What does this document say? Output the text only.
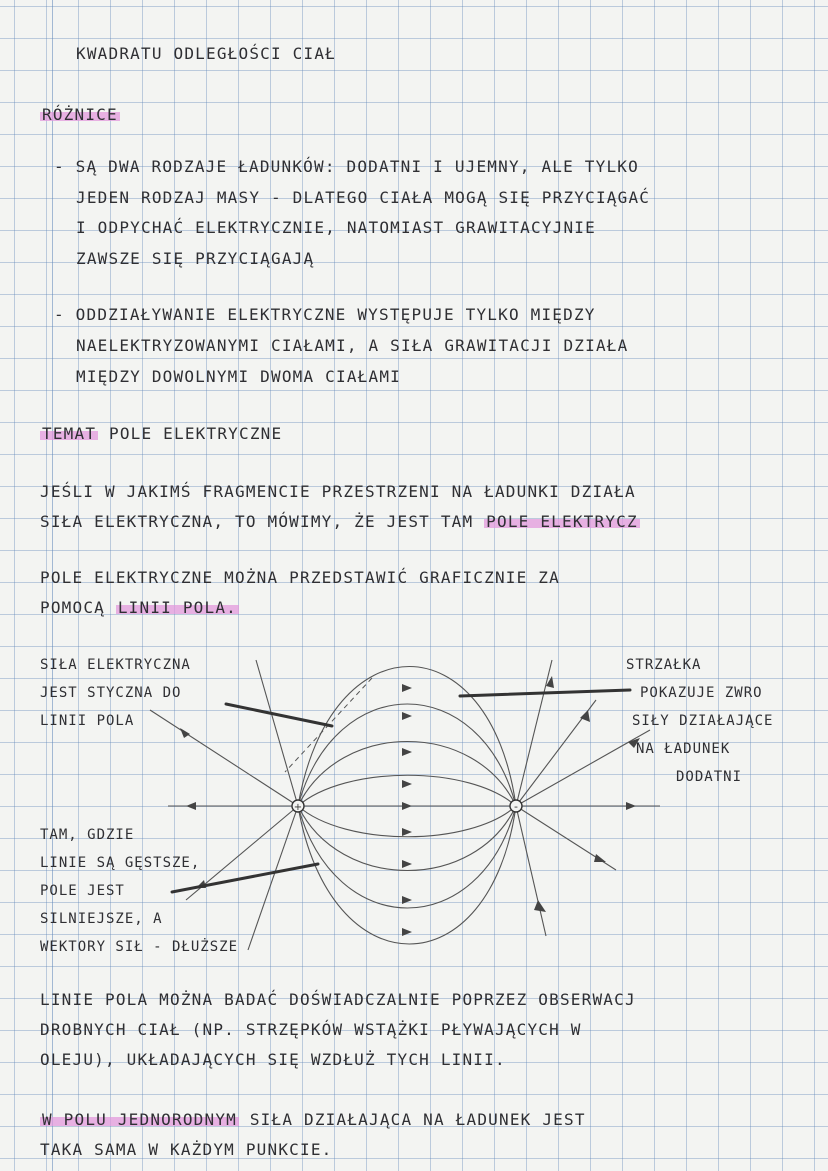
KWADRATU ODLEGŁOŚCI CIAŁ
RÓŻNICE
- SĄ DWA RODZAJE ŁADUNKÓW: DODATNI I UJEMNY, ALE TYLKO
JEDEN RODZAJ MASY - DLATEGO CIAŁA MOGĄ SIĘ PRZYCIĄGAĆ
I ODPYCHAĆ ELEKTRYCZNIE, NATOMIAST GRAWITACYJNIE
ZAWSZE SIĘ PRZYCIĄGAJĄ
- ODDZIAŁYWANIE ELEKTRYCZNE WYSTĘPUJE TYLKO MIĘDZY
NAELEKTRYZOWANYMI CIAŁAMI, A SIŁA GRAWITACJI DZIAŁA
MIĘDZY DOWOLNYMI DWOMA CIAŁAMI
TEMAT POLE ELEKTRYCZNE
JEŚLI W JAKIMŚ FRAGMENCIE PRZESTRZENI NA ŁADUNKI DZIAŁA
SIŁA ELEKTRYCZNA, TO MÓWIMY, ŻE JEST TAM POLE ELEKTRYCZ
POLE ELEKTRYCZNE MOŻNA PRZEDSTAWIĆ GRAFICZNIE ZA
POMOCĄ LINII POLA.
SIŁA ELEKTRYCZNA
JEST STYCZNA DO
LINII POLA
STRZAŁKA
POKAZUJE ZWRO
SIŁY DZIAŁAJĄCE
NA ŁADUNEK
DODATNI
TAM, GDZIE
LINIE SĄ GĘSTSZE,
POLE JEST
SILNIEJSZE, A
WEKTORY SIŁ - DŁUŻSZE
+	-
LINIE POLA MOŻNA BADAĆ DOŚWIADCZALNIE POPRZEZ OBSERWACJ
DROBNYCH CIAŁ (NP. STRZĘPKÓW WSTĄŻKI PŁYWAJĄCYCH W
OLEJU), UKŁADAJĄCYCH SIĘ WZDŁUŻ TYCH LINII.
W POLU JEDNORODNYM SIŁA DZIAŁAJĄCA NA ŁADUNEK JEST
TAKA SAMA W KAŻDYM PUNKCIE.
